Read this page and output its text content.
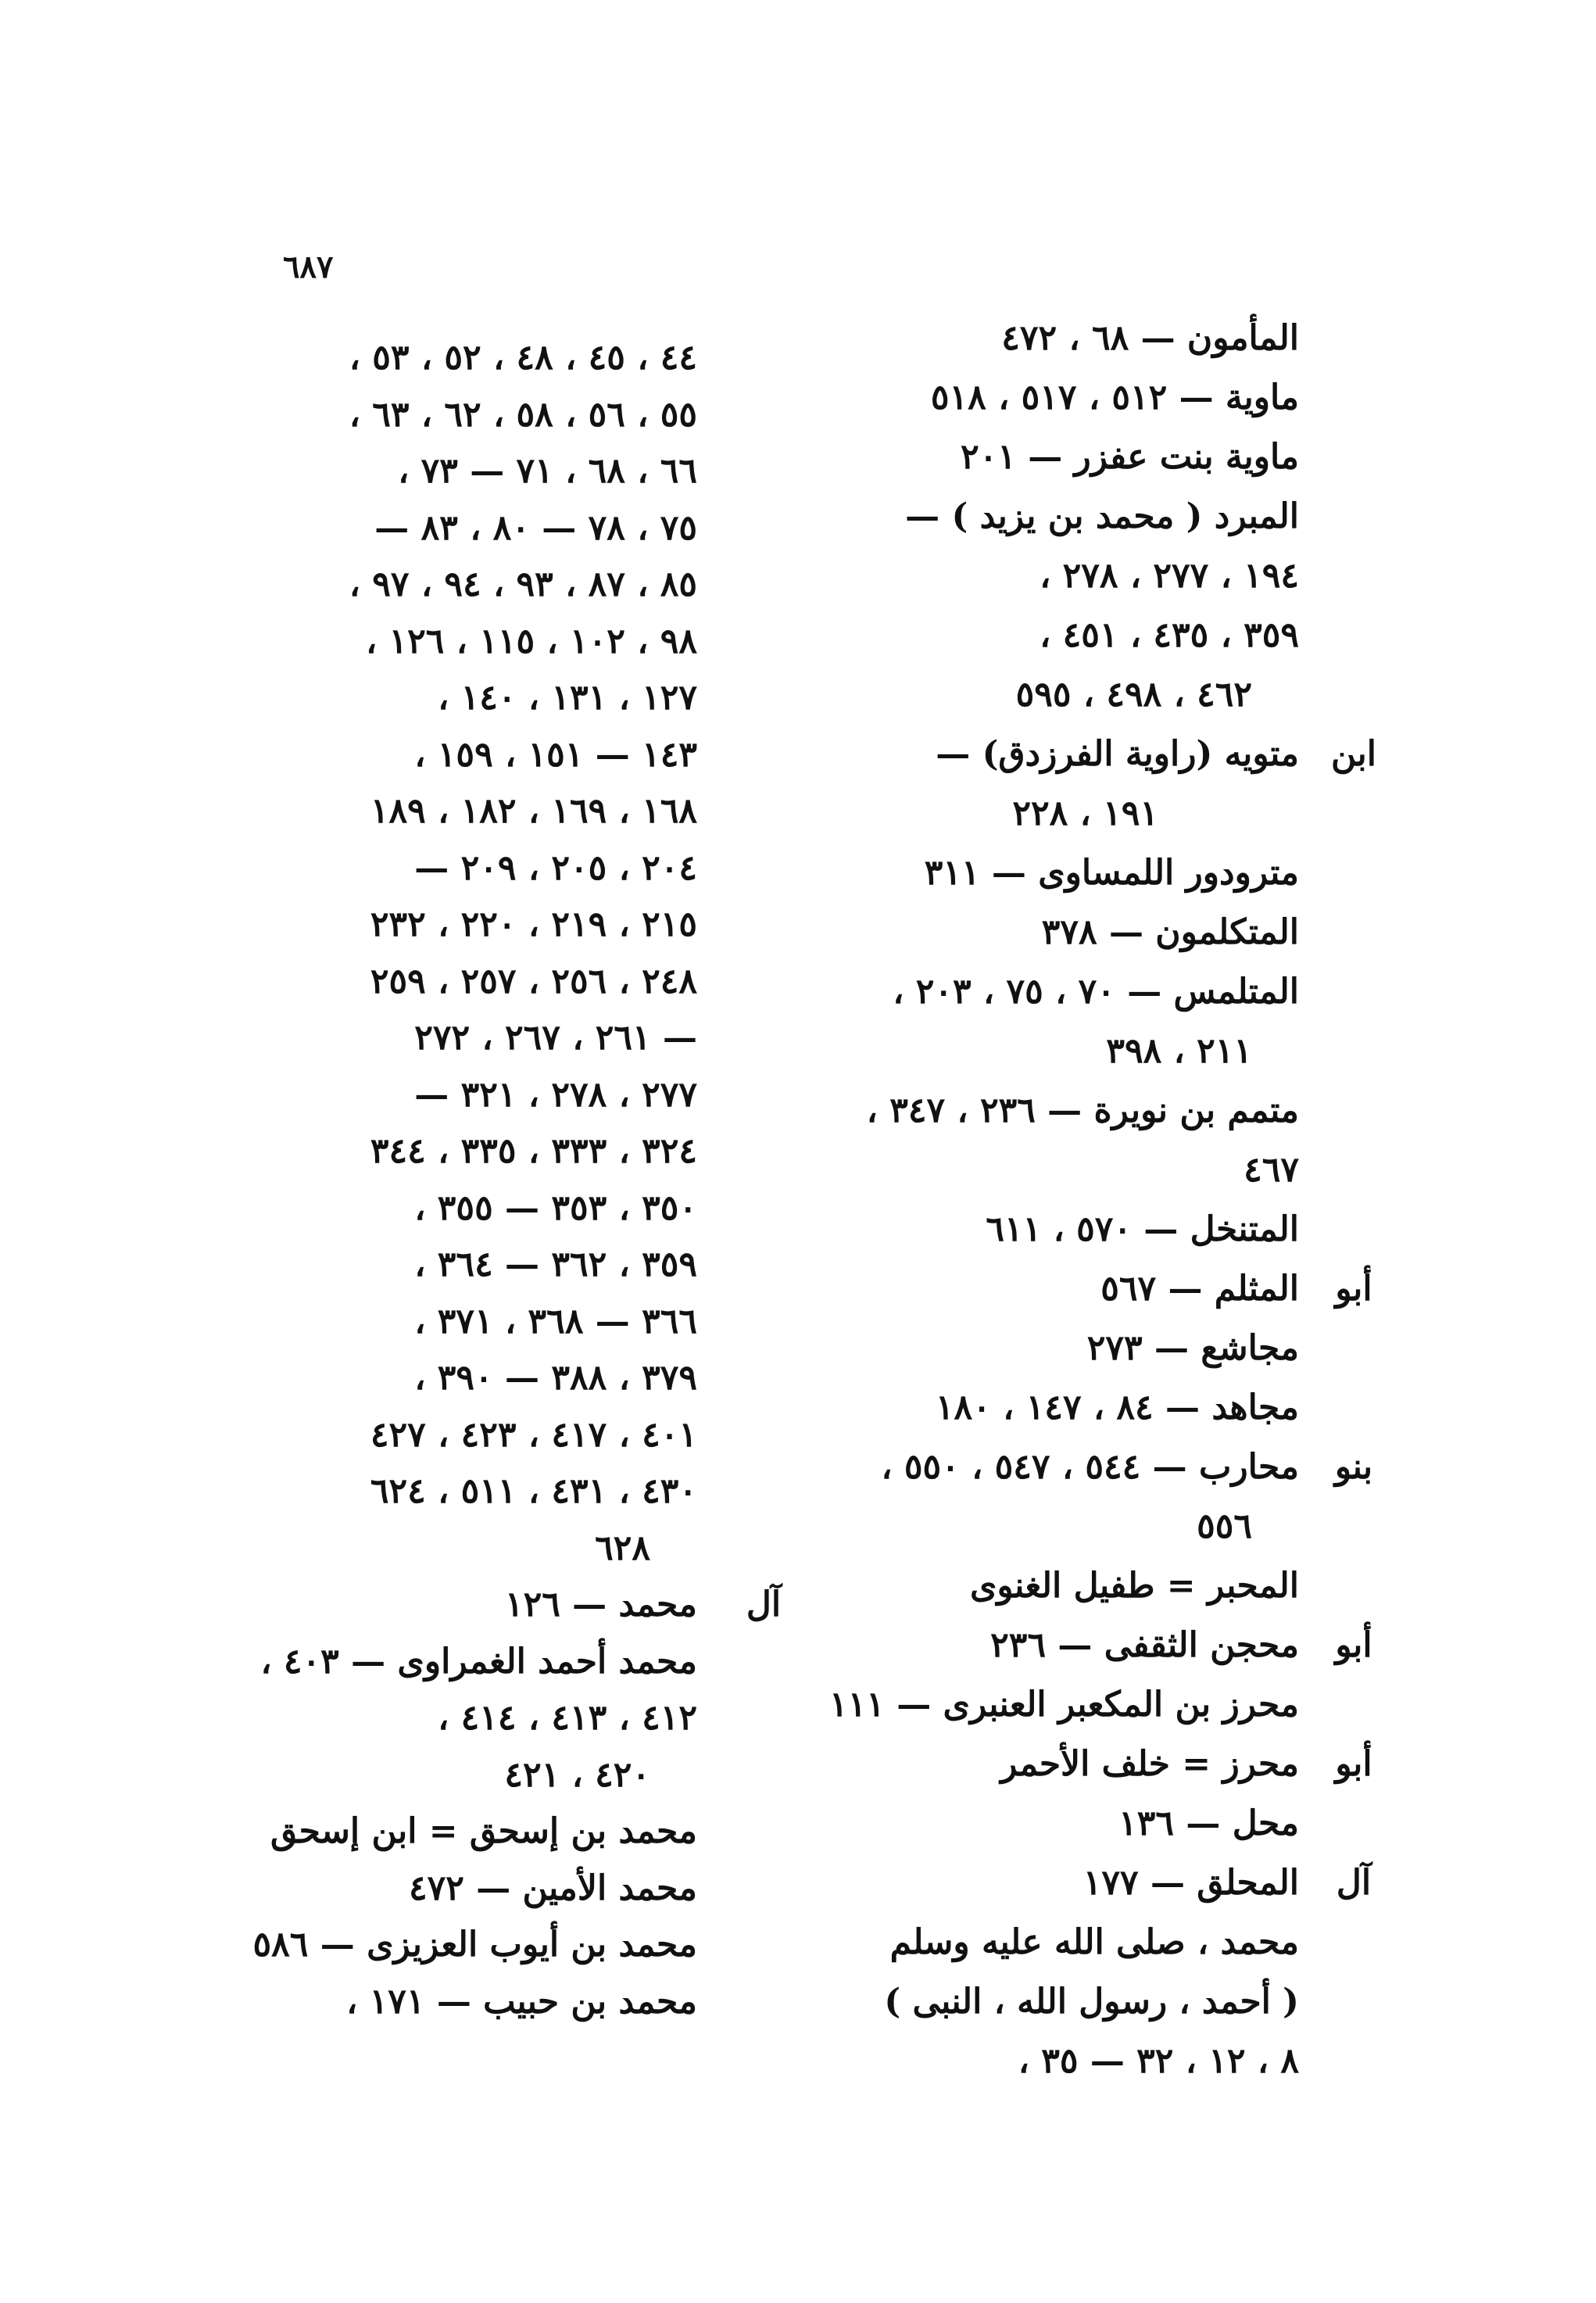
٦٨٧
المأمون — ٦٨ ، ٤٧٢
ماوية — ٥١٢ ، ٥١٧ ، ٥١٨
ماوية بنت عفزر — ٢٠١
المبرد ( محمد بن يزيد ) —
١٩٤ ، ٢٧٧ ، ٢٧٨ ،
٣٥٩ ، ٤٣٥ ، ٤٥١ ،
٤٦٢ ، ٤٩٨ ، ٥٩٥
ابن
متويه (راوية الفرزدق) —
١٩١ ، ٢٢٨
مترودور اللمساوى — ٣١١
المتكلمون — ٣٧٨
المتلمس — ٧٠ ، ٧٥ ، ٢٠٣ ،
٢١١ ، ٣٩٨
متمم بن نويرة — ٢٣٦ ، ٣٤٧ ،
٤٦٧
المتنخل — ٥٧٠ ، ٦١١
أبو
المثلم — ٥٦٧
مجاشع — ٢٧٣
مجاهد — ٨٤ ، ١٤٧ ، ١٨٠
بنو
محارب — ٥٤٤ ، ٥٤٧ ، ٥٥٠ ،
٥٥٦
المحبر = طفيل الغنوى
أبو
محجن الثقفى — ٢٣٦
محرز بن المكعبر العنبرى — ١١١
أبو
محرز = خلف الأحمر
محل — ١٣٦
آل
المحلق — ١٧٧
محمد ، صلى الله عليه وسلم
( أحمد ، رسول الله ، النبى )
٨ ، ١٢ ، ٣٢ — ٣٥ ،
٤٤ ، ٤٥ ، ٤٨ ، ٥٢ ، ٥٣ ،
٥٥ ، ٥٦ ، ٥٨ ، ٦٢ ، ٦٣ ،
٦٦ ، ٦٨ ، ٧١ — ٧٣ ،
٧٥ ، ٧٨ — ٨٠ ، ٨٣ —
٨٥ ، ٨٧ ، ٩٣ ، ٩٤ ، ٩٧ ،
٩٨ ، ١٠٢ ، ١١٥ ، ١٢٦ ،
١٢٧ ، ١٣١ ، ١٤٠ ،
١٤٣ — ١٥١ ، ١٥٩ ،
١٦٨ ، ١٦٩ ، ١٨٢ ، ١٨٩
٢٠٤ ، ٢٠٥ ، ٢٠٩ —
٢١٥ ، ٢١٩ ، ٢٢٠ ، ٢٣٢
٢٤٨ ، ٢٥٦ ، ٢٥٧ ، ٢٥٩
— ٢٦١ ، ٢٦٧ ، ٢٧٢
٢٧٧ ، ٢٧٨ ، ٣٢١ —
٣٢٤ ، ٣٣٣ ، ٣٣٥ ، ٣٤٤
٣٥٠ ، ٣٥٣ — ٣٥٥ ،
٣٥٩ ، ٣٦٢ — ٣٦٤ ،
٣٦٦ — ٣٦٨ ، ٣٧١ ،
٣٧٩ ، ٣٨٨ — ٣٩٠ ،
٤٠١ ، ٤١٧ ، ٤٢٣ ، ٤٢٧
٤٣٠ ، ٤٣١ ، ٥١١ ، ٦٢٤
٦٢٨
آل
محمد — ١٢٦
محمد أحمد الغمراوى — ٤٠٣ ،
٤١٢ ، ٤١٣ ، ٤١٤ ،
٤٢٠ ، ٤٢١
محمد بن إسحق = ابن إسحق
محمد الأمين — ٤٧٢
محمد بن أيوب العزيزى — ٥٨٦
محمد بن حبيب — ١٧١ ،
